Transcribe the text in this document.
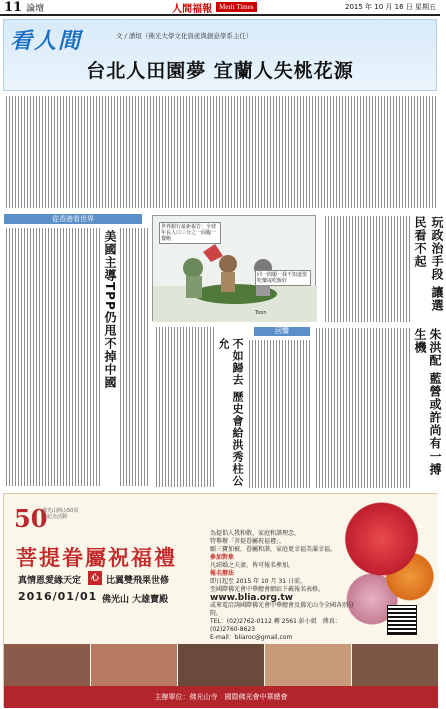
11 論壇	人間福報	Merit Times	2015 年 10 月 16 日 星期五
看人間	文 / 潘煊（佛光大學文化資產與創意學系主任）
台北人田園夢 宜蘭人失桃花源
從香港看世界
美國主導TPP仍甩不掉中國
世界銀行最新報告：全球年長人口三分之一面臨一餐飽
同一問題一我不知道要吃藥或吃飯好
Toon
玩政治手段 讓選民看不起
回響
不如歸去 歷史會給洪秀柱公允	朱洪配 藍營或許尚有一搏生機
50
佛光山開山50周年紀念活動
菩提眷屬祝福禮
真情恩愛緣天定	心 比翼雙飛果世修
2016/01/01 佛光山 大雄寶殿
為提倡人我和敬、家庭和諧理念，
特舉辦「菩提眷屬祝福禮」，
願三寶加被，眷屬和諧，家庭更幸福美滿幸福。
參加對象
凡結婚之夫妻，皆可報名參加。
報名辦法
即日起至 2015 年 10 月 31 日前，
至國際佛光會中華總會網站下載報名表格。
www.blia.org.tw
或來電洽詢國際佛光會中華總會及佛光山寺全國各別分院。
TEL：(02)2762-0112 轉 2561 彭小姐　傳真：(02)2760-8623
E-mail：bliaroc@gmail.com
主辦單位：佛光山寺　國際佛光會中華總會
